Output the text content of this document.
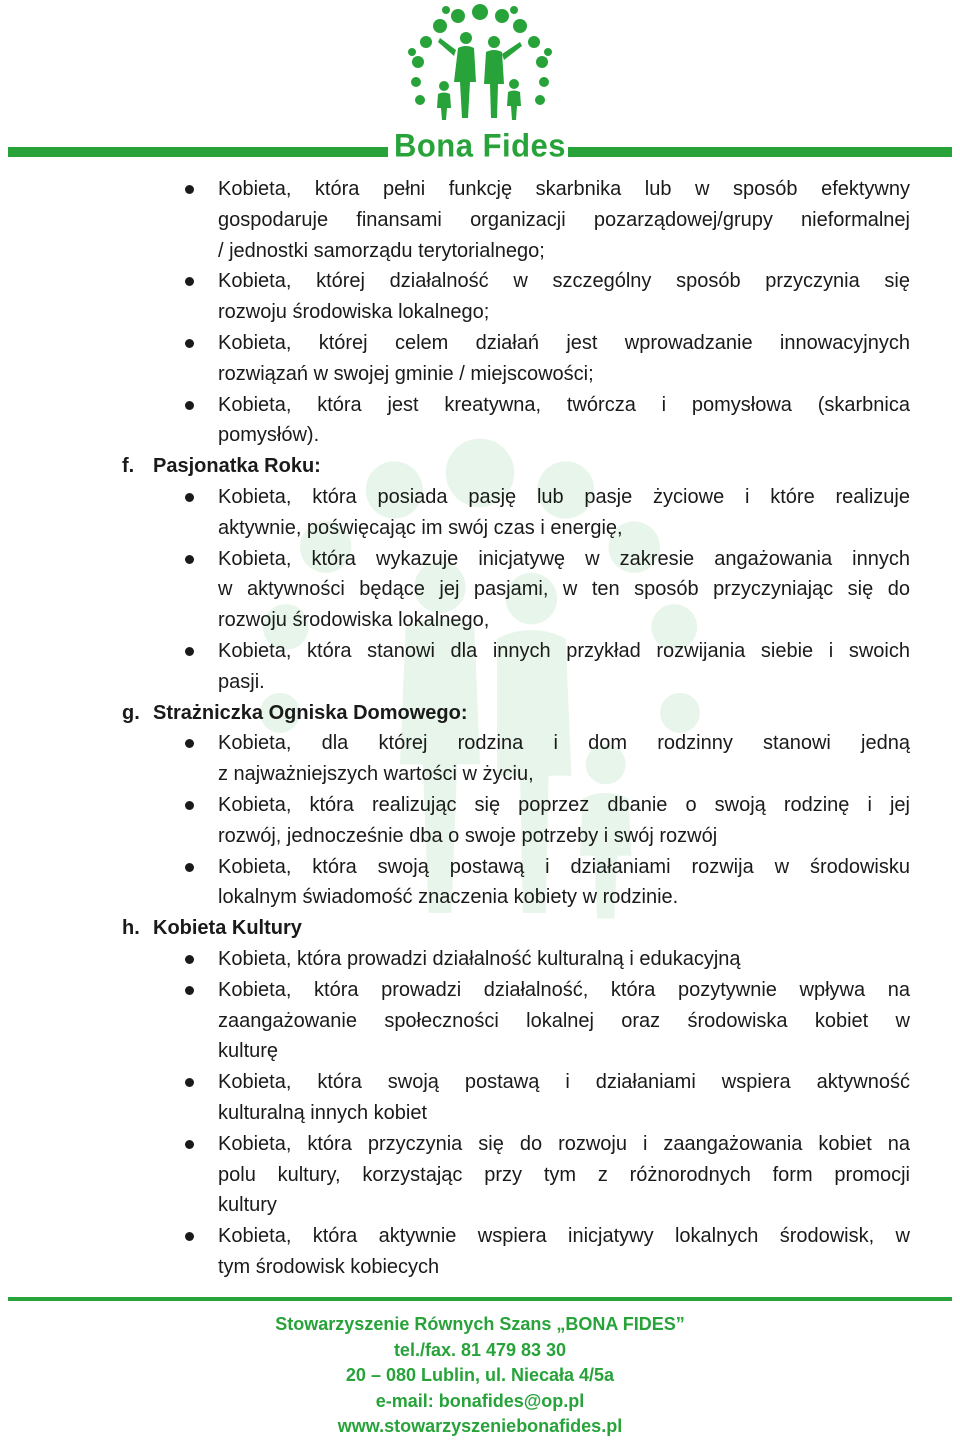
Bona Fides
Kobieta, która pełni funkcję skarbnika lub w sposób efektywny
gospodaruje finansami organizacji pozarządowej/grupy nieformalnej
/ jednostki samorządu terytorialnego;
Kobieta, której działalność w szczególny sposób przyczynia się
rozwoju środowiska lokalnego;
Kobieta, której celem działań jest wprowadzanie innowacyjnych
rozwiązań w swojej gminie / miejscowości;
Kobieta, która jest kreatywna, twórcza i pomysłowa (skarbnica
pomysłów).
f. Pasjonatka Roku:
Kobieta, która posiada pasję lub pasje życiowe i które realizuje
aktywnie, poświęcając im swój czas i energię,
Kobieta, która wykazuje inicjatywę w zakresie angażowania innych
w aktywności będące jej pasjami, w ten sposób przyczyniając się do
rozwoju środowiska lokalnego,
Kobieta, która stanowi dla innych przykład rozwijania siebie i swoich
pasji.
g. Strażniczka Ogniska Domowego:
Kobieta, dla której rodzina i dom rodzinny stanowi jedną
z najważniejszych wartości w życiu,
Kobieta, która realizując się poprzez dbanie o swoją rodzinę i jej
rozwój, jednocześnie dba o swoje potrzeby i swój rozwój
Kobieta, która swoją postawą i działaniami rozwija w środowisku
lokalnym świadomość znaczenia kobiety w rodzinie.
h. Kobieta Kultury
Kobieta, która prowadzi działalność kulturalną i edukacyjną
Kobieta, która prowadzi działalność, która pozytywnie wpływa na
zaangażowanie społeczności lokalnej oraz środowiska kobiet w
kulturę
Kobieta, która swoją postawą i działaniami wspiera aktywność
kulturalną innych kobiet
Kobieta, która przyczynia się do rozwoju i zaangażowania kobiet na
polu kultury, korzystając przy tym z różnorodnych form promocji
kultury
Kobieta, która aktywnie wspiera inicjatywy lokalnych środowisk, w
tym środowisk kobiecych
Stowarzyszenie Równych Szans „BONA FIDES”
tel./fax. 81 479 83 30
20 – 080 Lublin, ul. Niecała 4/5a
e-mail: bonafides@op.pl
www.stowarzyszeniebonafides.pl
